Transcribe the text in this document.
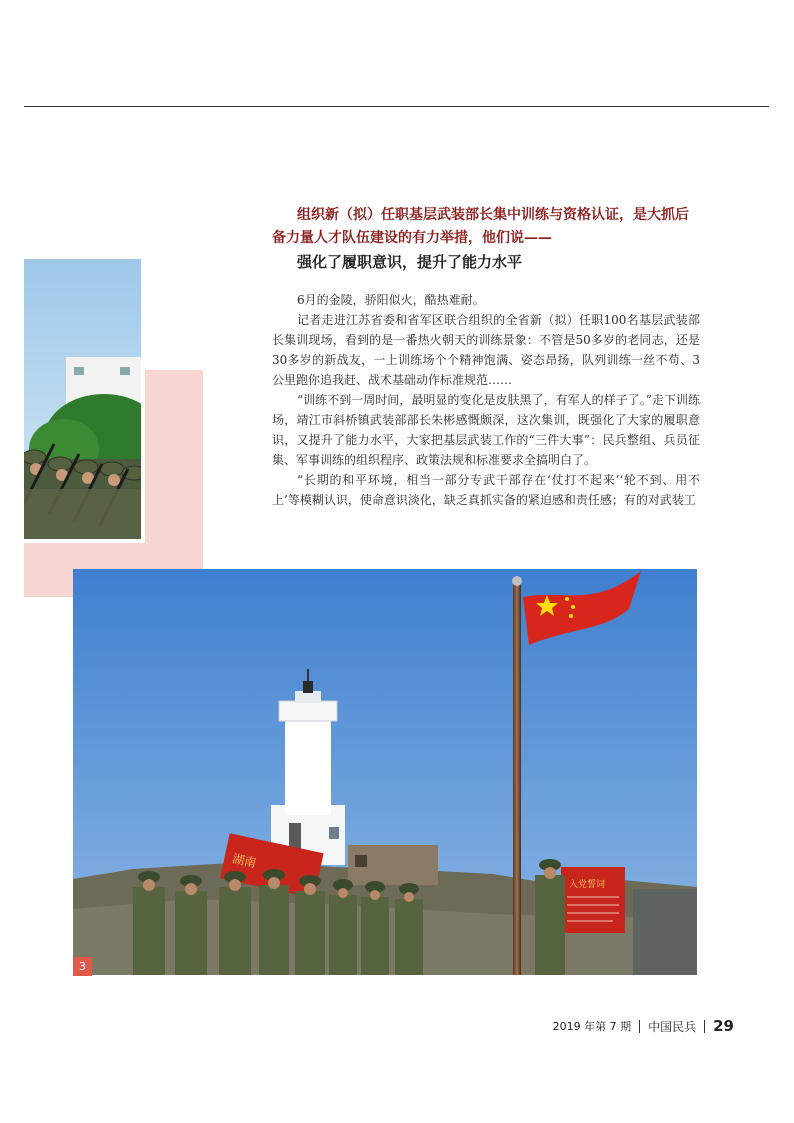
组织新（拟）任职基层武装部长集中训练与资格认证，是大抓后备力量人才队伍建设的有力举措，他们说——

强化了履职意识，提升了能力水平

6月的金陵，骄阳似火，酷热难耐。

记者走进江苏省委和省军区联合组织的全省新（拟）任职100名基层武装部长集训现场，看到的是一番热火朝天的训练景象：不管是50多岁的老同志，还是30多岁的新战友，一上训练场个个精神饱满、姿态昂扬，队列训练一丝不苟、3公里跑你追我赶、战术基础动作标准规范……

“训练不到一周时间，最明显的变化是皮肤黑了，有军人的样子了。”走下训练场，靖江市斜桥镇武装部部长朱彬感慨颇深，这次集训，既强化了大家的履职意识，又提升了能力水平，大家把基层武装工作的“三件大事”：民兵整组、兵员征集、军事训练的组织程序、政策法规和标准要求全搞明白了。

“长期的和平环境，相当一部分专武干部存在‘仗打不起来’‘轮不到、用不上’等模糊认识，使命意识淡化，缺乏真抓实备的紧迫感和责任感；有的对武装工

湖南
入党誓词
3
2019 年第 7 期 中国民兵 29
